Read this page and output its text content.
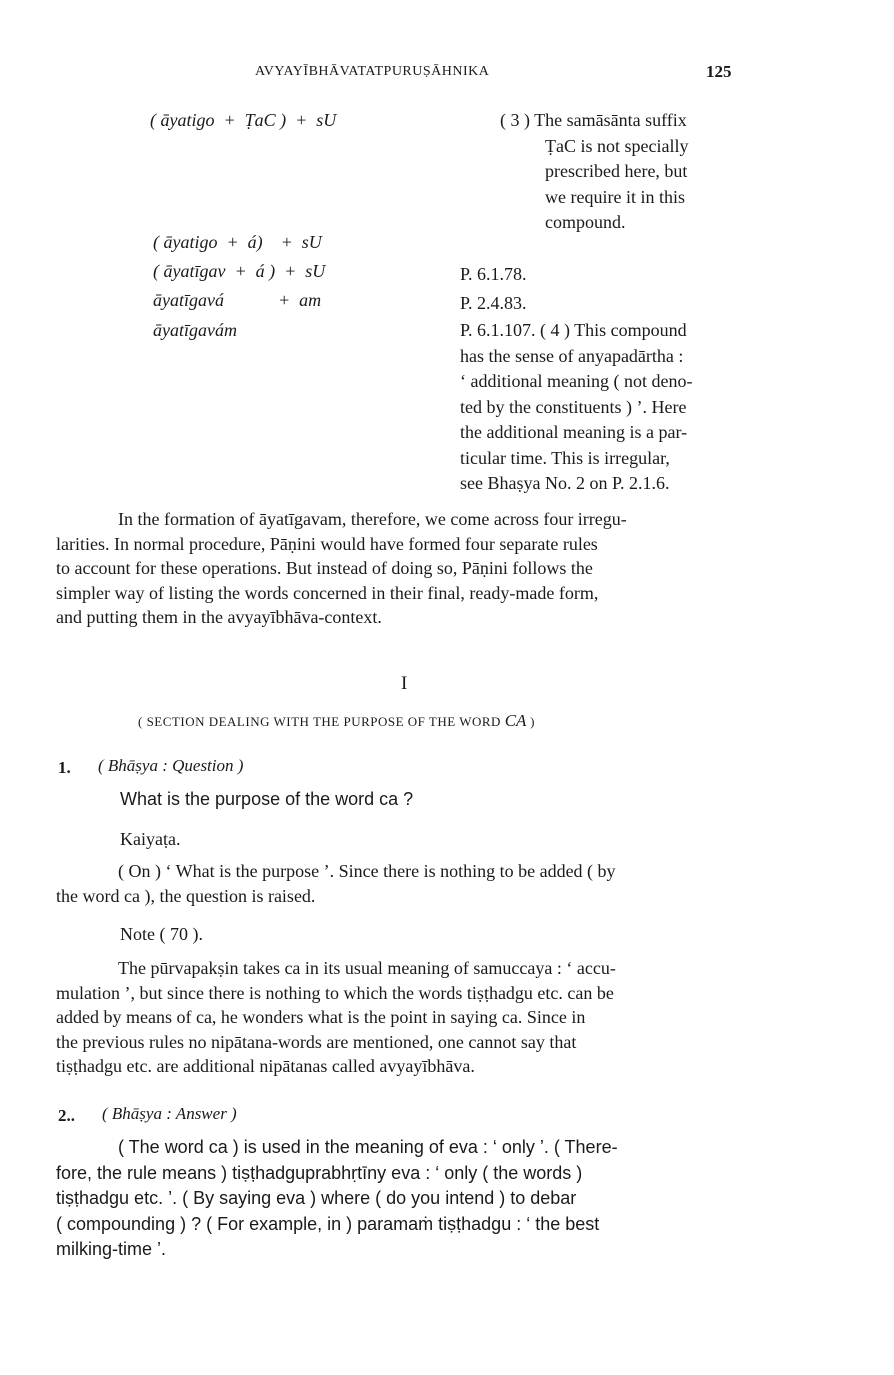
AVYAYĪBHĀVATATPURUṢĀHNIKA	125
( āyatigo  +  ṬaC )  +  sU
( āyatigo  +  á)    +  sU
( āyatīgav  +  á )  +  sU
āyatīgavá            +  am
āyatīgavám

( 3 ) The samāsānta suffix

ṬaC is not specially

prescribed here, but

we require it in this

compound.

P. 6.1.78.
P. 2.4.83.

P. 6.1.107. ( 4 ) This compound

has the sense of anyapadārtha :

‘ additional meaning ( not deno-

ted by the constituents ) ’. Here

the additional meaning is a par-

ticular time. This is irregular,

see Bhaṣya No. 2 on P. 2.1.6.

In the formation of āyatīgavam, therefore, we come across four irregu-

larities. In normal procedure, Pāṇini would have formed four separate rules

to account for these operations. But instead of doing so, Pāṇini follows the

simpler way of listing the words concerned in their final, ready-made form,

and putting them in the avyayībhāva-context.

I
( SECTION DEALING WITH THE PURPOSE OF THE WORD CA )
1. ( Bhāṣya : Question )
What is the purpose of the word ca ?
Kaiyaṭa.

( On ) ‘ What is the purpose ’. Since there is nothing to be added ( by

the word ca ), the question is raised.

Note ( 70 ).

The pūrvapakṣin takes ca in its usual meaning of samuccaya : ‘ accu-

mulation ’, but since there is nothing to which the words tiṣṭhadgu etc. can be

added by means of ca, he wonders what is the point in saying ca. Since in

the previous rules no nipātana-words are mentioned, one cannot say that

tiṣṭhadgu etc. are additional nipātanas called avyayībhāva.

2.. ( Bhāṣya : Answer )

( The word ca ) is used in the meaning of eva : ‘ only ’. ( There-

fore, the rule means ) tiṣṭhadguprabhṛtīny eva : ‘ only ( the words )

tiṣṭhadgu etc. ’. ( By saying eva ) where ( do you intend ) to debar

( compounding ) ? ( For example, in ) paramaṁ tiṣṭhadgu : ‘ the best

milking-time ’.
